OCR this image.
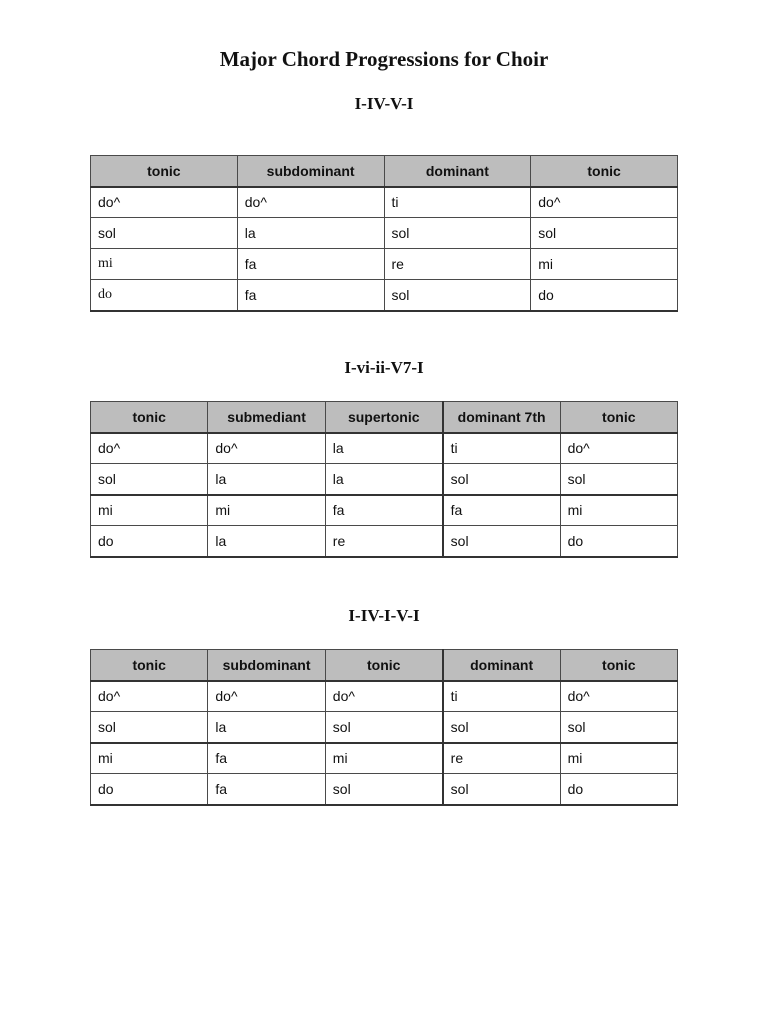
Major Chord Progressions for Choir
I-IV-V-I
tonic	subdominant	dominant	tonic
do^	do^	ti	do^
sol	la	sol	sol
mi	fa	re	mi
do	fa	sol	do
I-vi-ii-V7-I
tonic	submediant	supertonic	dominant 7th	tonic
do^	do^	la	ti	do^
sol	la	la	sol	sol
mi	mi	fa	fa	mi
do	la	re	sol	do
I-IV-I-V-I
tonic	subdominant	tonic	dominant	tonic
do^	do^	do^	ti	do^
sol	la	sol	sol	sol
mi	fa	mi	re	mi
do	fa	sol	sol	do
